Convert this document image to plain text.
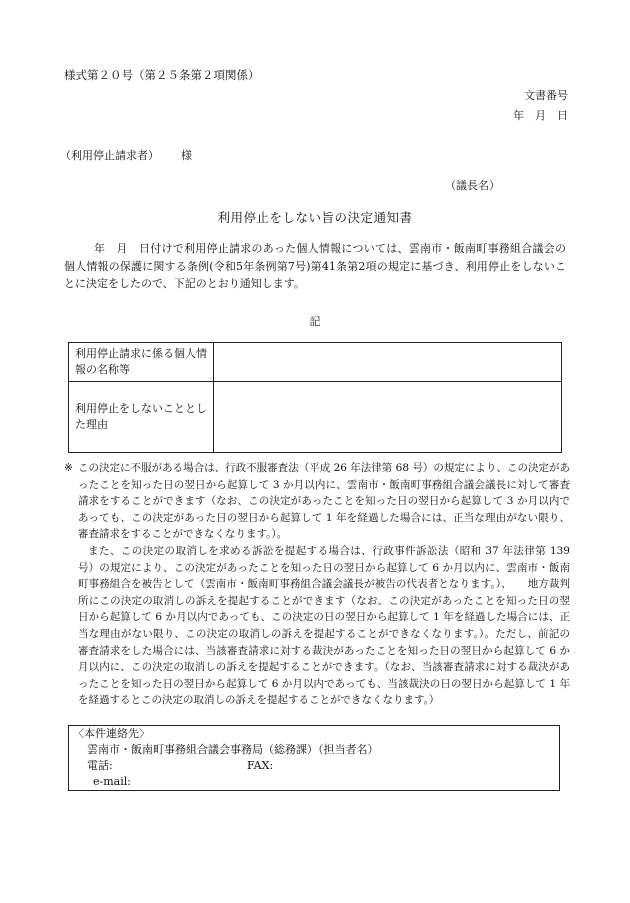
様式第２０号（第２５条第２項関係）
文書番号
年　月　日
（利用停止請求者） 様
（議長名）
利用停止をしない旨の決定通知書
年　月　日付けで利用停止請求のあった個人情報については、雲南市・飯南町事務組合議会の個人情報の保護に関する条例(令和5年条例第7号)第41条第2項の規定に基づき、利用停止をしないことに決定をしたので、下記のとおり通知します。
記
利用停止請求に係る個人情報の名称等	
利用停止をしないこととした理由	

※ この決定に不服がある場合は、行政不服審査法（平成 26 年法律第 68 号）の規定により、この決定があったことを知った日の翌日から起算して 3 か月以内に、雲南市・飯南町事務組合議会議長に対して審査請求をすることができます（なお、この決定があったことを知った日の翌日から起算して 3 か月以内であっても、この決定があった日の翌日から起算して 1 年を経過した場合には、正当な理由がない限り、審査請求をすることができなくなります。）。

また、この決定の取消しを求める訴訟を提起する場合は、行政事件訴訟法（昭和 37 年法律第 139 号）の規定により、この決定があったことを知った日の翌日から起算して 6 か月以内に、雲南市・飯南町事務組合を被告として（雲南市・飯南町事務組合議会議長が被告の代表者となります。）、　　地方裁判所にこの決定の取消しの訴えを提起することができます（なお、この決定があったことを知った日の翌日から起算して 6 か月以内であっても、この決定の日の翌日から起算して 1 年を経過した場合には、正当な理由がない限り、この決定の取消しの訴えを提起することができなくなります。）。ただし、前記の審査請求をした場合には、当該審査請求に対する裁決があったことを知った日の翌日から起算して 6 か月以内に、この決定の取消しの訴えを提起することができます。（なお、当該審査請求に対する裁決があったことを知った日の翌日から起算して 6 か月以内であっても、当該裁決の日の翌日から起算して 1 年を経過するとこの決定の取消しの訴えを提起することができなくなります。）

〈本件連絡先〉
雲南市・飯南町事務組合議会事務局（総務課）（担当者名）
電話:	FAX:
e-mail:
